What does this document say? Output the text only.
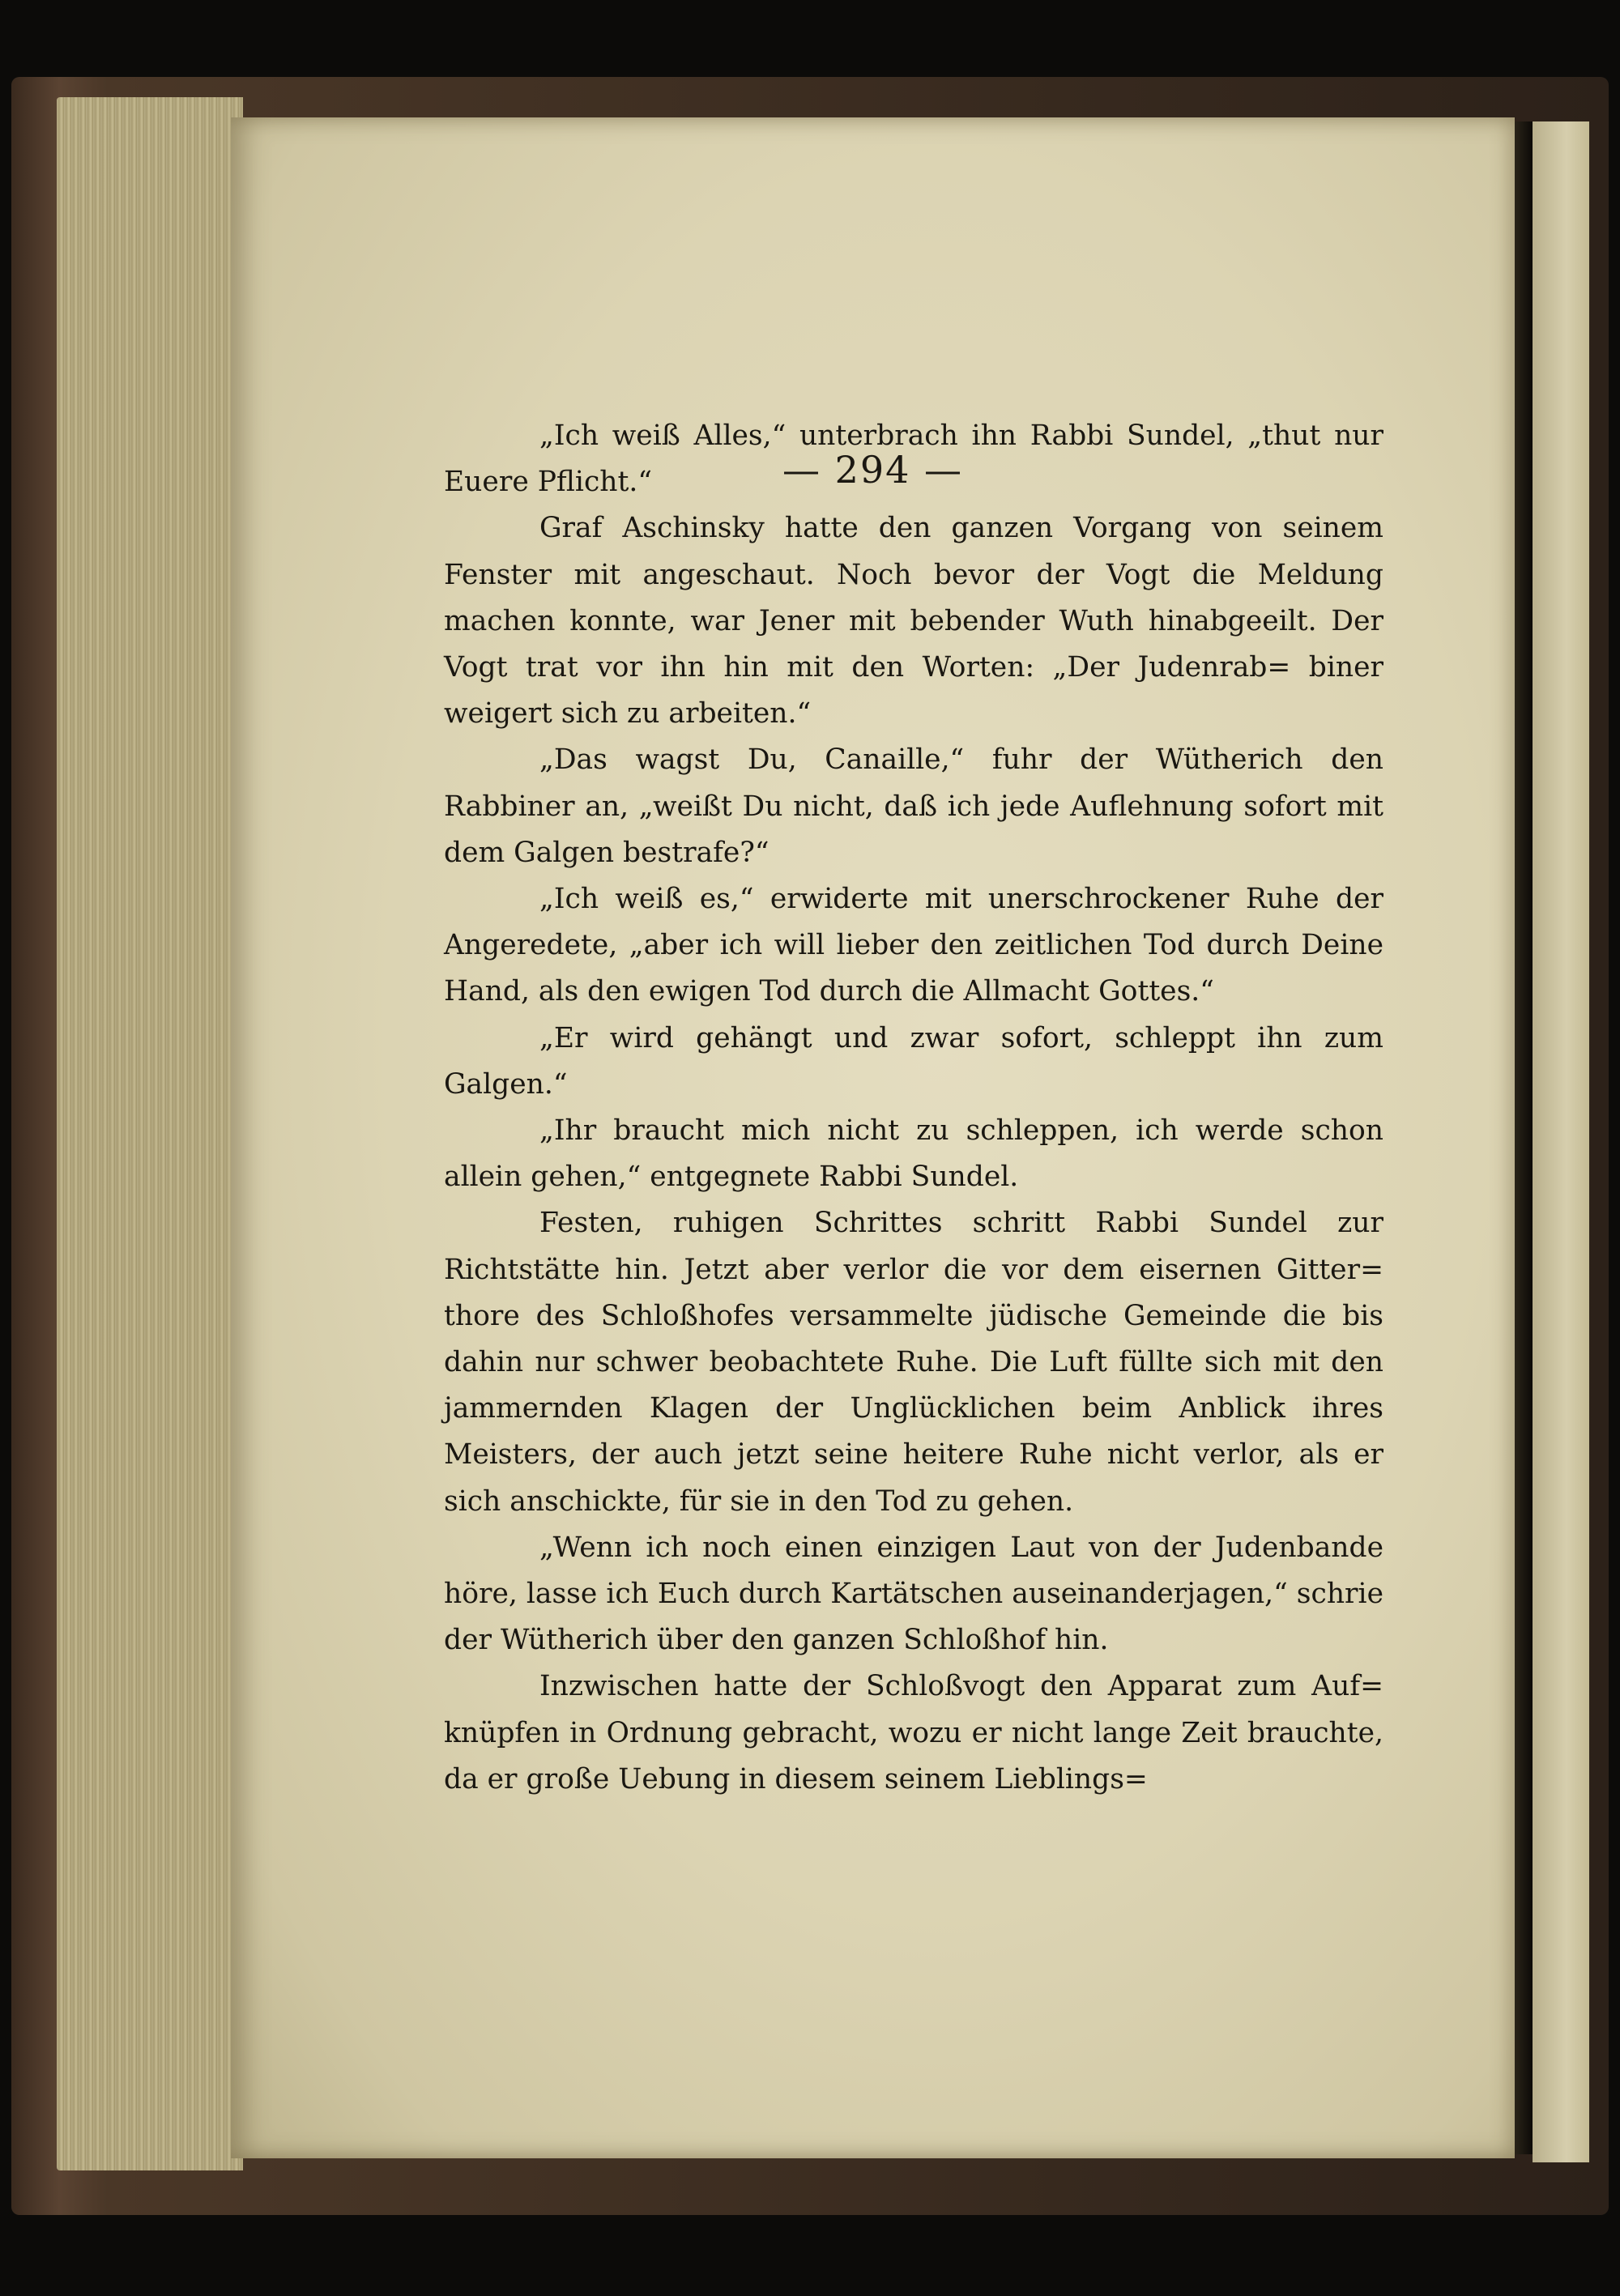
— 294 —

„Ich weiß Alles,“ unterbrach ihn Rabbi Sundel, „thut nur Euere Pflicht.“

Graf Aschinsky hatte den ganzen Vorgang von seinem Fenster mit angeschaut. Noch bevor der Vogt die Meldung machen konnte, war Jener mit bebender Wuth hinabgeeilt. Der Vogt trat vor ihn hin mit den Worten: „Der Judenrab= biner weigert sich zu arbeiten.“

„Das wagst Du, Canaille,“ fuhr der Wütherich den Rabbiner an, „weißt Du nicht, daß ich jede Auflehnung sofort mit dem Galgen bestrafe?“

„Ich weiß es,“ erwiderte mit unerschrockener Ruhe der Angeredete, „aber ich will lieber den zeitlichen Tod durch Deine Hand, als den ewigen Tod durch die Allmacht Gottes.“

„Er wird gehängt und zwar sofort, schleppt ihn zum Galgen.“

„Ihr braucht mich nicht zu schleppen, ich werde schon allein gehen,“ entgegnete Rabbi Sundel.

Festen, ruhigen Schrittes schritt Rabbi Sundel zur Richtstätte hin. Jetzt aber verlor die vor dem eisernen Gitter= thore des Schloßhofes versammelte jüdische Gemeinde die bis dahin nur schwer beobachtete Ruhe. Die Luft füllte sich mit den jammernden Klagen der Unglücklichen beim Anblick ihres Meisters, der auch jetzt seine heitere Ruhe nicht verlor, als er sich anschickte, für sie in den Tod zu gehen.

„Wenn ich noch einen einzigen Laut von der Judenbande höre, lasse ich Euch durch Kartätschen auseinanderjagen,“ schrie der Wütherich über den ganzen Schloßhof hin.

Inzwischen hatte der Schloßvogt den Apparat zum Auf= knüpfen in Ordnung gebracht, wozu er nicht lange Zeit brauchte, da er große Uebung in diesem seinem Lieblings=
